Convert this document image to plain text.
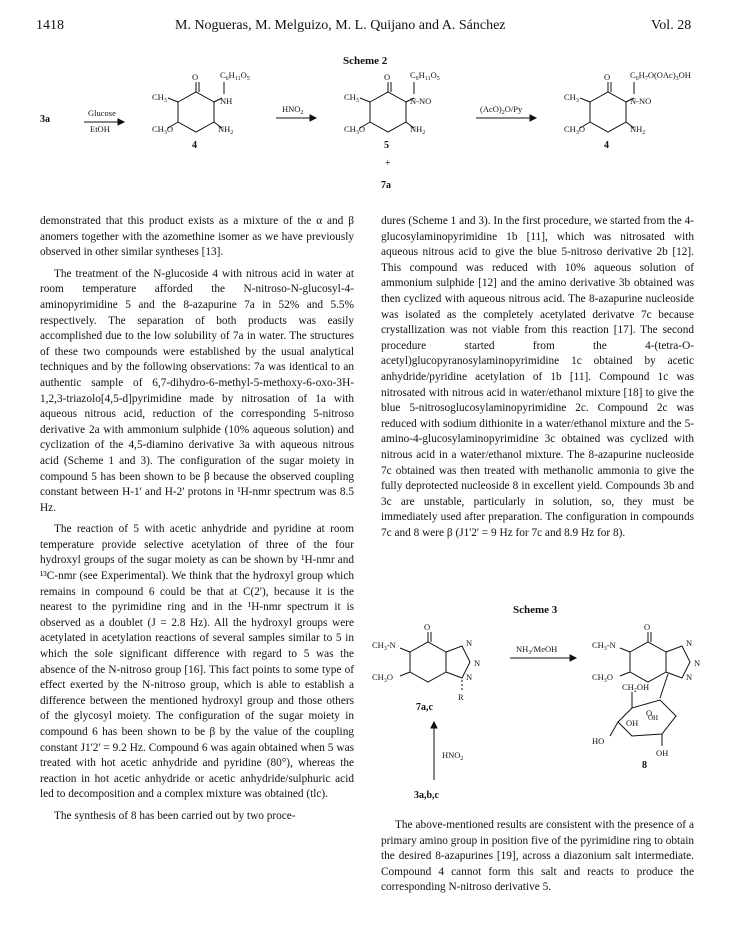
1418	M. Nogueras, M. Melguizo, M. L. Quijano and A. Sánchez	Vol. 28
Scheme 2
3a
Glucose
EtOH
$HNO_2$	$(AcO)_2O/Py$
O	$C_6H_{11}O_5$
NH
$CH_3$
$CH_3O$	$NH_2$
4
O $C_6H_{11}O_5$
N-NO
$CH_3$
$CH_3O$	$NH_2$
5
+
7a
O $C_6H_7O(OAc)_3OH$
N-NO
$CH_3$
$CH_3O$	$NH_2$
4

demonstrated that this product exists as a mixture of the α and β anomers together with the azomethine isomer as we have previously observed in other similar syntheses [13].

The treatment of the N-glucoside 4 with nitrous acid in water at room temperature afforded the N-nitroso-N-glucosyl-4-aminopyrimidine 5 and the 8-azapurine 7a in 52% and 5.5% respectively. The separation of both products was easily accomplished due to the low solubility of 7a in water. The structures of these two compounds were established by the usual analytical techniques and by the following observations: 7a was identical to an authentic sample of 6,7-dihydro-6-methyl-5-methoxy-6-oxo-3H-1,2,3-triazolo[4,5-d]pyrimidine made by nitrosation of 1a with aqueous nitrous acid, reduction of the corresponding 5-nitroso derivative 2a with ammonium sulphide (10% aqueous solution) and cyclization of the 4,5-diamino derivative 3a with aqueous nitrous acid (Scheme 1 and 3). The configuration of the sugar moiety in compound 5 has been shown to be β because the observed coupling constant between H-1' and H-2' protons in ¹H-nmr spectrum was 8.5 Hz.

The reaction of 5 with acetic anhydride and pyridine at room temperature provide selective acetylation of three of the four hydroxyl groups of the sugar moiety as can be shown by ¹H-nmr and ¹³C-nmr (see Experimental). We think that the hydroxyl group which remains in compound 6 could be that at C(2'), because it is the nearest to the pyrimidine ring and in the ¹H-nmr spectrum it is observed as a doublet (J = 2.8 Hz). All the hydroxyl groups were acetylated in acetylation reactions of several samples similar to 5 in which the sole significant difference with regard to 5 was the absence of the N-nitroso group [16]. This fact points to some type of effect exerted by the N-nitroso group, which is able to establish a difference between the mentioned hydroxyl group and those others of the glycosyl moiety. The configuration of the sugar moiety in compound 6 has been shown to be β by the value of the coupling constant J1'2' = 9.2 Hz. Compound 6 was again obtained when 5 was treated with hot acetic anhydride and pyridine (80°), whereas the reaction in hot acetic anhydride or acetic anhydride/sulphuric acid led to decomposition and a complex mixture was obtained (tlc).

The synthesis of 8 has been carried out by two proce-

dures (Scheme 1 and 3). In the first procedure, we started from the 4-glucosylaminopyrimidine 1b [11], which was nitrosated with aqueous nitrous acid to give the blue 5-nitroso derivative 2b [12]. This compound was reduced with 10% aqueous solution of ammonium sulphide [12] and the amino derivative 3b obtained was then cyclized with aqueous nitrous acid. The 8-azapurine nucleoside was isolated as the completely acetylated derivatve 7c because crystallization was not viable from this reaction [17]. The second procedure started from the 4-(tetra-O-acetyl)glucopyranosylaminopyrimidine 1c obtained by acetic anhydride/pyridine acetylation of 1b [11]. Compound 1c was nitrosated with nitrous acid in water/ethanol mixture [18] to give the blue 5-nitrosoglucosylaminopyrimidine 2c. Compound 2c was reduced with sodium dithionite in a water/ethanol mixture and the 5-amino-4-glucosylaminopyrimidine 3c obtained was cyclized with nitrous acid in a water/ethanol mixture. The 8-azapurine nucleoside 7c obtained was then treated with methanolic ammonia to give the fully deprotected nucleoside 8 in excellent yield. Compounds 3b and 3c are unstable, particularly in solution, so, they must be immediately used after preparation. The configuration in compounds 7c and 8 were β (J1'2' = 9 Hz for 7c and 8.9 Hz for 8).

Scheme 3
O
$CH_3-N$
$CH_3O$
N
N
N
R
7a,c
$NH_3$/MeOH
$HNO_2$
3a,b,c
O
$CH_3-N$
$CH_3O$
N
N
N
$CH_2OH$
O
OH
HO
OH
OH
8

The above-mentioned results are consistent with the presence of a primary amino group in position five of the pyrimidine ring to obtain the desired 8-azapurines [19], across a diazonium salt intermediate. Compound 4 cannot form this salt and reacts to produce the corresponding N-nitroso derivative 5.
